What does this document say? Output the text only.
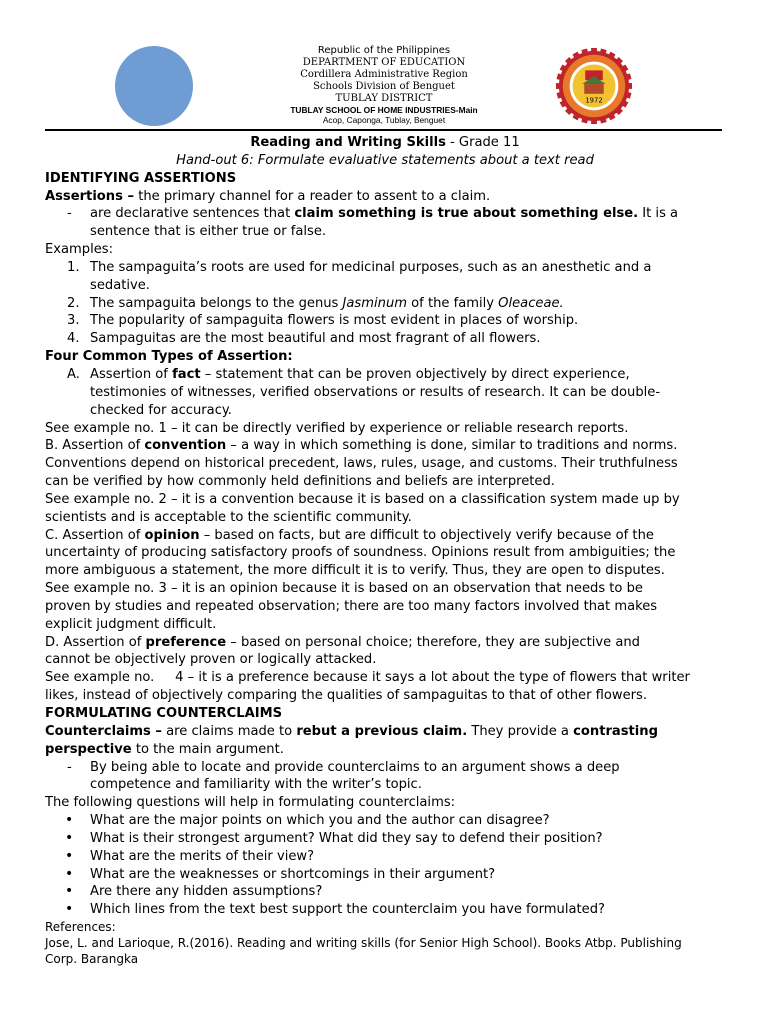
Republic of the Philippines
DEPARTMENT OF EDUCATION
Cordillera Administrative Region
Schools Division of Benguet
TUBLAY DISTRICT
TUBLAY SCHOOL OF HOME INDUSTRIES-Main
Acop, Caponga, Tublay, Benguet
1972
Reading and Writing Skills - Grade 11
Hand-out 6: Formulate evaluative statements about a text read
IDENTIFYING ASSERTIONS
Assertions – the primary channel for a reader to assent to a claim.
- are declarative sentences that claim something is true about something else. It is a
sentence that is either true or false.
Examples:
1. The sampaguita’s roots are used for medicinal purposes, such as an anesthetic and a
sedative.
2. The sampaguita belongs to the genus Jasminum of the family Oleaceae.
3. The popularity of sampaguita flowers is most evident in places of worship.
4. Sampaguitas are the most beautiful and most fragrant of all flowers.
Four Common Types of Assertion:
A. Assertion of fact – statement that can be proven objectively by direct experience,
testimonies of witnesses, verified observations or results of research. It can be double-
checked for accuracy.
See example no. 1 – it can be directly verified by experience or reliable research reports.
B. Assertion of convention – a way in which something is done, similar to traditions and norms.
Conventions depend on historical precedent, laws, rules, usage, and customs. Their truthfulness
can be verified by how commonly held definitions and beliefs are interpreted.
See example no. 2 – it is a convention because it is based on a classification system made up by
scientists and is acceptable to the scientific community.
C. Assertion of opinion – based on facts, but are difficult to objectively verify because of the
uncertainty of producing satisfactory proofs of soundness. Opinions result from ambiguities; the
more ambiguous a statement, the more difficult it is to verify. Thus, they are open to disputes.
See example no. 3 – it is an opinion because it is based on an observation that needs to be
proven by studies and repeated observation; there are too many factors involved that makes
explicit judgment difficult.
D. Assertion of preference – based on personal choice; therefore, they are subjective and
cannot be objectively proven or logically attacked.
See example no.     4 – it is a preference because it says a lot about the type of flowers that writer
likes, instead of objectively comparing the qualities of sampaguitas to that of other flowers.
FORMULATING COUNTERCLAIMS
Counterclaims – are claims made to rebut a previous claim. They provide a contrasting
perspective to the main argument.
- By being able to locate and provide counterclaims to an argument shows a deep
competence and familiarity with the writer’s topic.
The following questions will help in formulating counterclaims:
• What are the major points on which you and the author can disagree?
• What is their strongest argument? What did they say to defend their position?
• What are the merits of their view?
• What are the weaknesses or shortcomings in their argument?
• Are there any hidden assumptions?
• Which lines from the text best support the counterclaim you have formulated?
References:
Jose, L. and Larioque, R.(2016). Reading and writing skills (for Senior High School). Books Atbp. Publishing
Corp. Barangka
